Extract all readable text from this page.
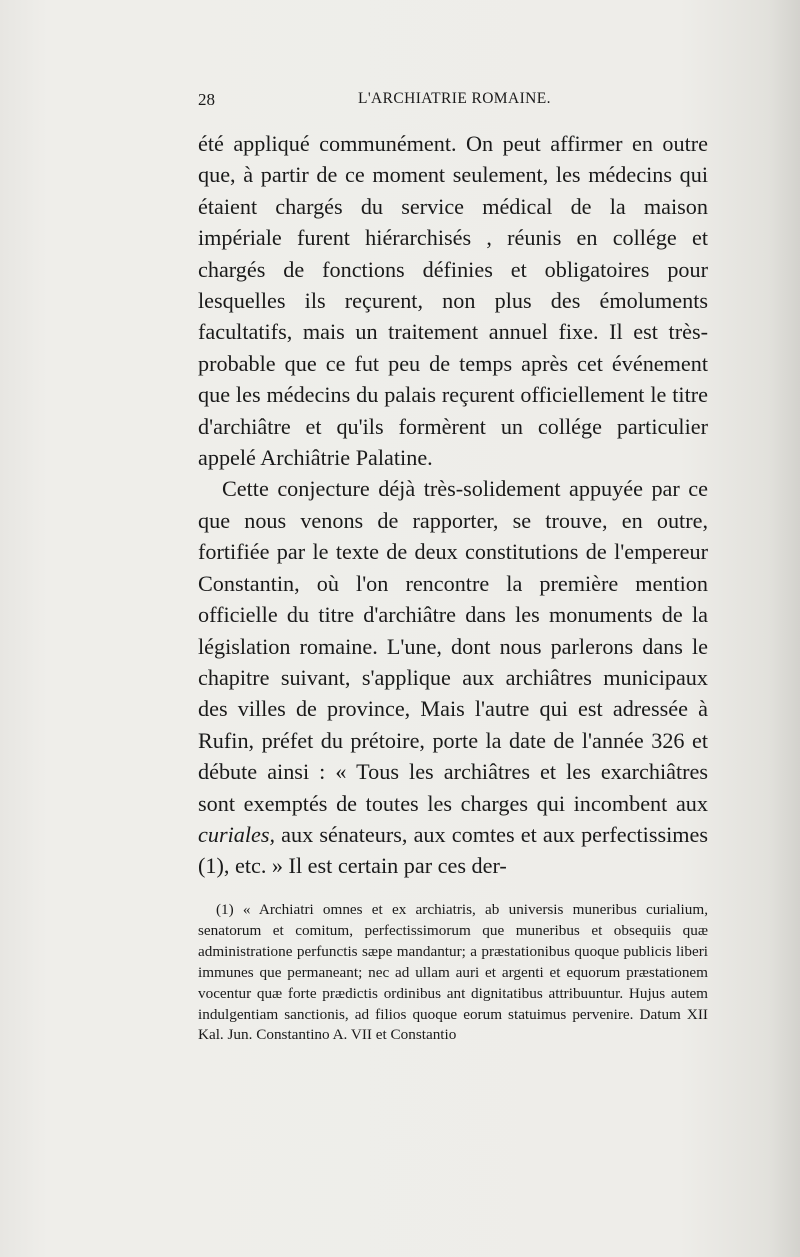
28	L'ARCHIATRIE ROMAINE.

été appliqué communément. On peut affirmer en outre que, à partir de ce moment seulement, les médecins qui étaient chargés du service médical de la maison impériale furent hiérarchisés , réunis en collége et chargés de fonctions définies et obligatoires pour lesquelles ils reçurent, non plus des émoluments facultatifs, mais un traitement annuel fixe. Il est très-probable que ce fut peu de temps après cet événement que les médecins du palais reçurent officiellement le titre d'archiâtre et qu'ils formèrent un collége particulier appelé Archiâtrie Palatine.

Cette conjecture déjà très-solidement appuyée par ce que nous venons de rapporter, se trouve, en outre, fortifiée par le texte de deux constitutions de l'empereur Constantin, où l'on rencontre la première mention officielle du titre d'archiâtre dans les monuments de la législation romaine. L'une, dont nous parlerons dans le chapitre suivant, s'applique aux archiâtres municipaux des villes de province, Mais l'autre qui est adressée à Rufin, préfet du prétoire, porte la date de l'année 326 et débute ainsi : « Tous les archiâtres et les exarchiâtres sont exemptés de toutes les charges qui incombent aux curiales, aux sénateurs, aux comtes et aux perfectissimes (1), etc. » Il est certain par ces der-

(1) « Archiatri omnes et ex archiatris, ab universis muneribus curialium, senatorum et comitum, perfectissimorum que muneribus et obsequiis quæ administratione perfunctis sæpe mandantur; a præstationibus quoque publicis liberi immunes que permaneant; nec ad ullam auri et argenti et equorum præstationem vocentur quæ forte prædictis ordinibus ant dignitatibus attribuuntur. Hujus autem indulgentiam sanctionis, ad filios quoque eorum statuimus pervenire. Datum XII Kal. Jun. Constantino A. VII et Constantio
